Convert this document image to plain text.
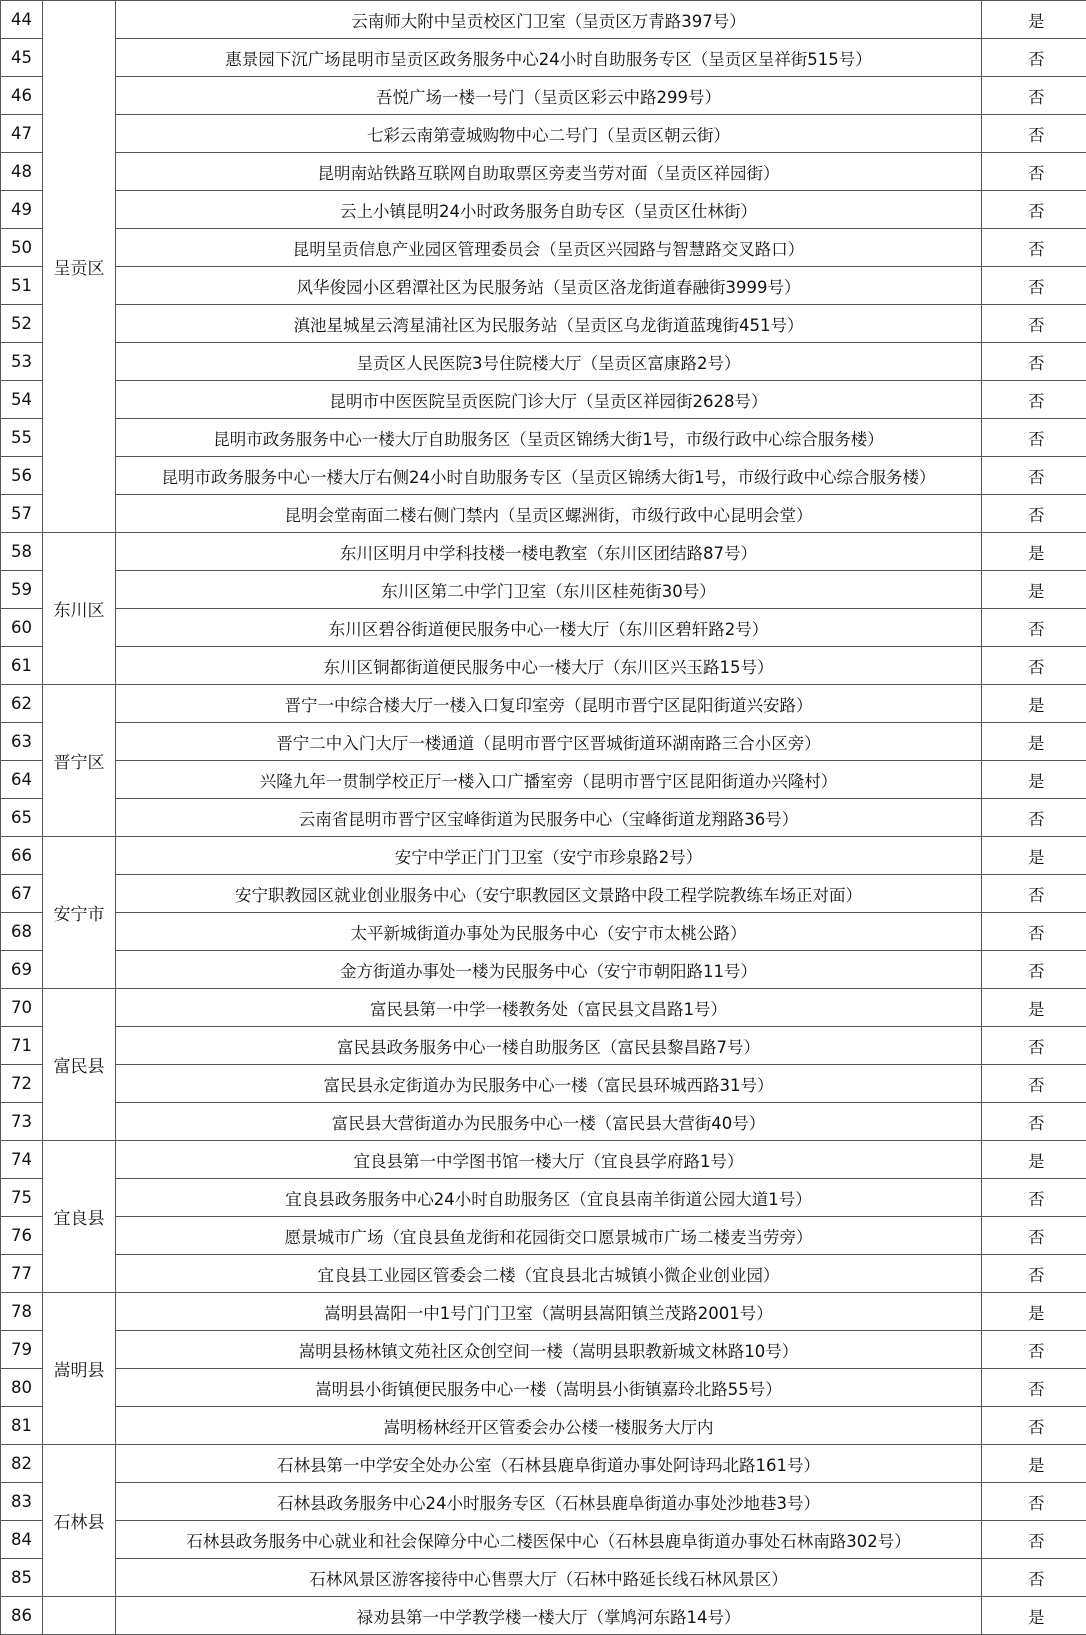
44	呈贡区	云南师大附中呈贡校区门卫室（呈贡区万青路397号）	是
45		惠景园下沉广场昆明市呈贡区政务服务中心24小时自助服务专区（呈贡区呈祥街515号）	否
46		吾悦广场一楼一号门（呈贡区彩云中路299号）	否
47		七彩云南第壹城购物中心二号门（呈贡区朝云街）	否
48		昆明南站铁路互联网自助取票区旁麦当劳对面（呈贡区祥园街）	否
49		云上小镇昆明24小时政务服务自助专区（呈贡区仕林街）	否
50		昆明呈贡信息产业园区管理委员会（呈贡区兴园路与智慧路交叉路口）	否
51		风华俊园小区碧潭社区为民服务站（呈贡区洛龙街道春融街3999号）	否
52		滇池星城星云湾星浦社区为民服务站（呈贡区乌龙街道蓝瑰街451号）	否
53		呈贡区人民医院3号住院楼大厅（呈贡区富康路2号）	否
54		昆明市中医医院呈贡医院门诊大厅（呈贡区祥园街2628号）	否
55		昆明市政务服务中心一楼大厅自助服务区（呈贡区锦绣大街1号，市级行政中心综合服务楼）	否
56		昆明市政务服务中心一楼大厅右侧24小时自助服务专区（呈贡区锦绣大街1号，市级行政中心综合服务楼）	否
57		昆明会堂南面二楼右侧门禁内（呈贡区螺洲街，市级行政中心昆明会堂）	否
58	东川区	东川区明月中学科技楼一楼电教室（东川区团结路87号）	是
59		东川区第二中学门卫室（东川区桂苑街30号）	是
60		东川区碧谷街道便民服务中心一楼大厅（东川区碧轩路2号）	否
61		东川区铜都街道便民服务中心一楼大厅（东川区兴玉路15号）	否
62	晋宁区	晋宁一中综合楼大厅一楼入口复印室旁（昆明市晋宁区昆阳街道兴安路）	是
63		晋宁二中入门大厅一楼通道（昆明市晋宁区晋城街道环湖南路三合小区旁）	是
64		兴隆九年一贯制学校正厅一楼入口广播室旁（昆明市晋宁区昆阳街道办兴隆村）	是
65		云南省昆明市晋宁区宝峰街道为民服务中心（宝峰街道龙翔路36号）	否
66	安宁市	安宁中学正门门卫室（安宁市珍泉路2号）	是
67		安宁职教园区就业创业服务中心（安宁职教园区文景路中段工程学院教练车场正对面）	否
68		太平新城街道办事处为民服务中心（安宁市太桃公路）	否
69		金方街道办事处一楼为民服务中心（安宁市朝阳路11号）	否
70	富民县	富民县第一中学一楼教务处（富民县文昌路1号）	是
71		富民县政务服务中心一楼自助服务区（富民县黎昌路7号）	否
72		富民县永定街道办为民服务中心一楼（富民县环城西路31号）	否
73		富民县大营街道办为民服务中心一楼（富民县大营街40号）	否
74	宜良县	宜良县第一中学图书馆一楼大厅（宜良县学府路1号）	是
75		宜良县政务服务中心24小时自助服务区（宜良县南羊街道公园大道1号）	否
76		愿景城市广场（宜良县鱼龙街和花园街交口愿景城市广场二楼麦当劳旁）	否
77		宜良县工业园区管委会二楼（宜良县北古城镇小微企业创业园）	否
78	嵩明县	嵩明县嵩阳一中1号门门卫室（嵩明县嵩阳镇兰茂路2001号）	是
79		嵩明县杨林镇文苑社区众创空间一楼（嵩明县职教新城文林路10号）	否
80		嵩明县小街镇便民服务中心一楼（嵩明县小街镇嘉玲北路55号）	否
81		嵩明杨林经开区管委会办公楼一楼服务大厅内	否
82	石林县	石林县第一中学安全处办公室（石林县鹿阜街道办事处阿诗玛北路161号）	是
83		石林县政务服务中心24小时服务专区（石林县鹿阜街道办事处沙地巷3号）	否
84		石林县政务服务中心就业和社会保障分中心二楼医保中心（石林县鹿阜街道办事处石林南路302号）	否
85		石林风景区游客接待中心售票大厅（石林中路延长线石林风景区）	否
86		禄劝县第一中学教学楼一楼大厅（掌鸠河东路14号）	是
